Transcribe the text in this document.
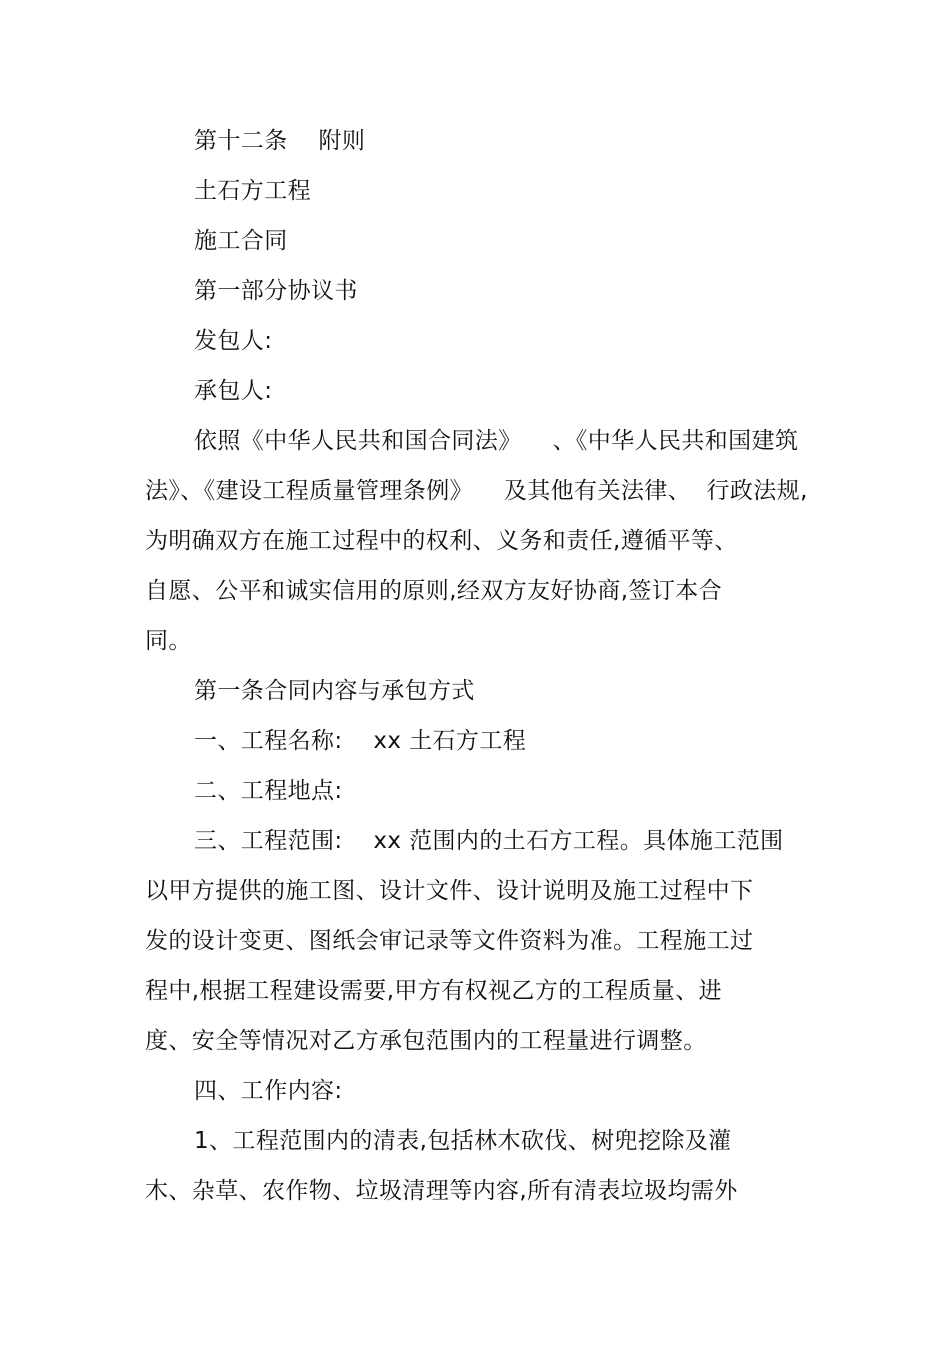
第十二条    附则
土石方工程
施工合同
第一部分协议书
发包人:
承包人:
依照《中华人民共和国合同法》    、《中华人民共和国建筑
法》、《建设工程质量管理条例》    及其他有关法律、  行政法规,
为明确双方在施工过程中的权利、义务和责任,遵循平等、
自愿、公平和诚实信用的原则,经双方友好协商,签订本合
同。
第一条合同内容与承包方式
一、工程名称:    xx 土石方工程
二、工程地点:
三、工程范围:    xx 范围内的土石方工程。具体施工范围
以甲方提供的施工图、设计文件、设计说明及施工过程中下
发的设计变更、图纸会审记录等文件资料为准。工程施工过
程中,根据工程建设需要,甲方有权视乙方的工程质量、进
度、安全等情况对乙方承包范围内的工程量进行调整。
四、工作内容:
1、工程范围内的清表,包括林木砍伐、树兜挖除及灌
木、杂草、农作物、垃圾清理等内容,所有清表垃圾均需外
